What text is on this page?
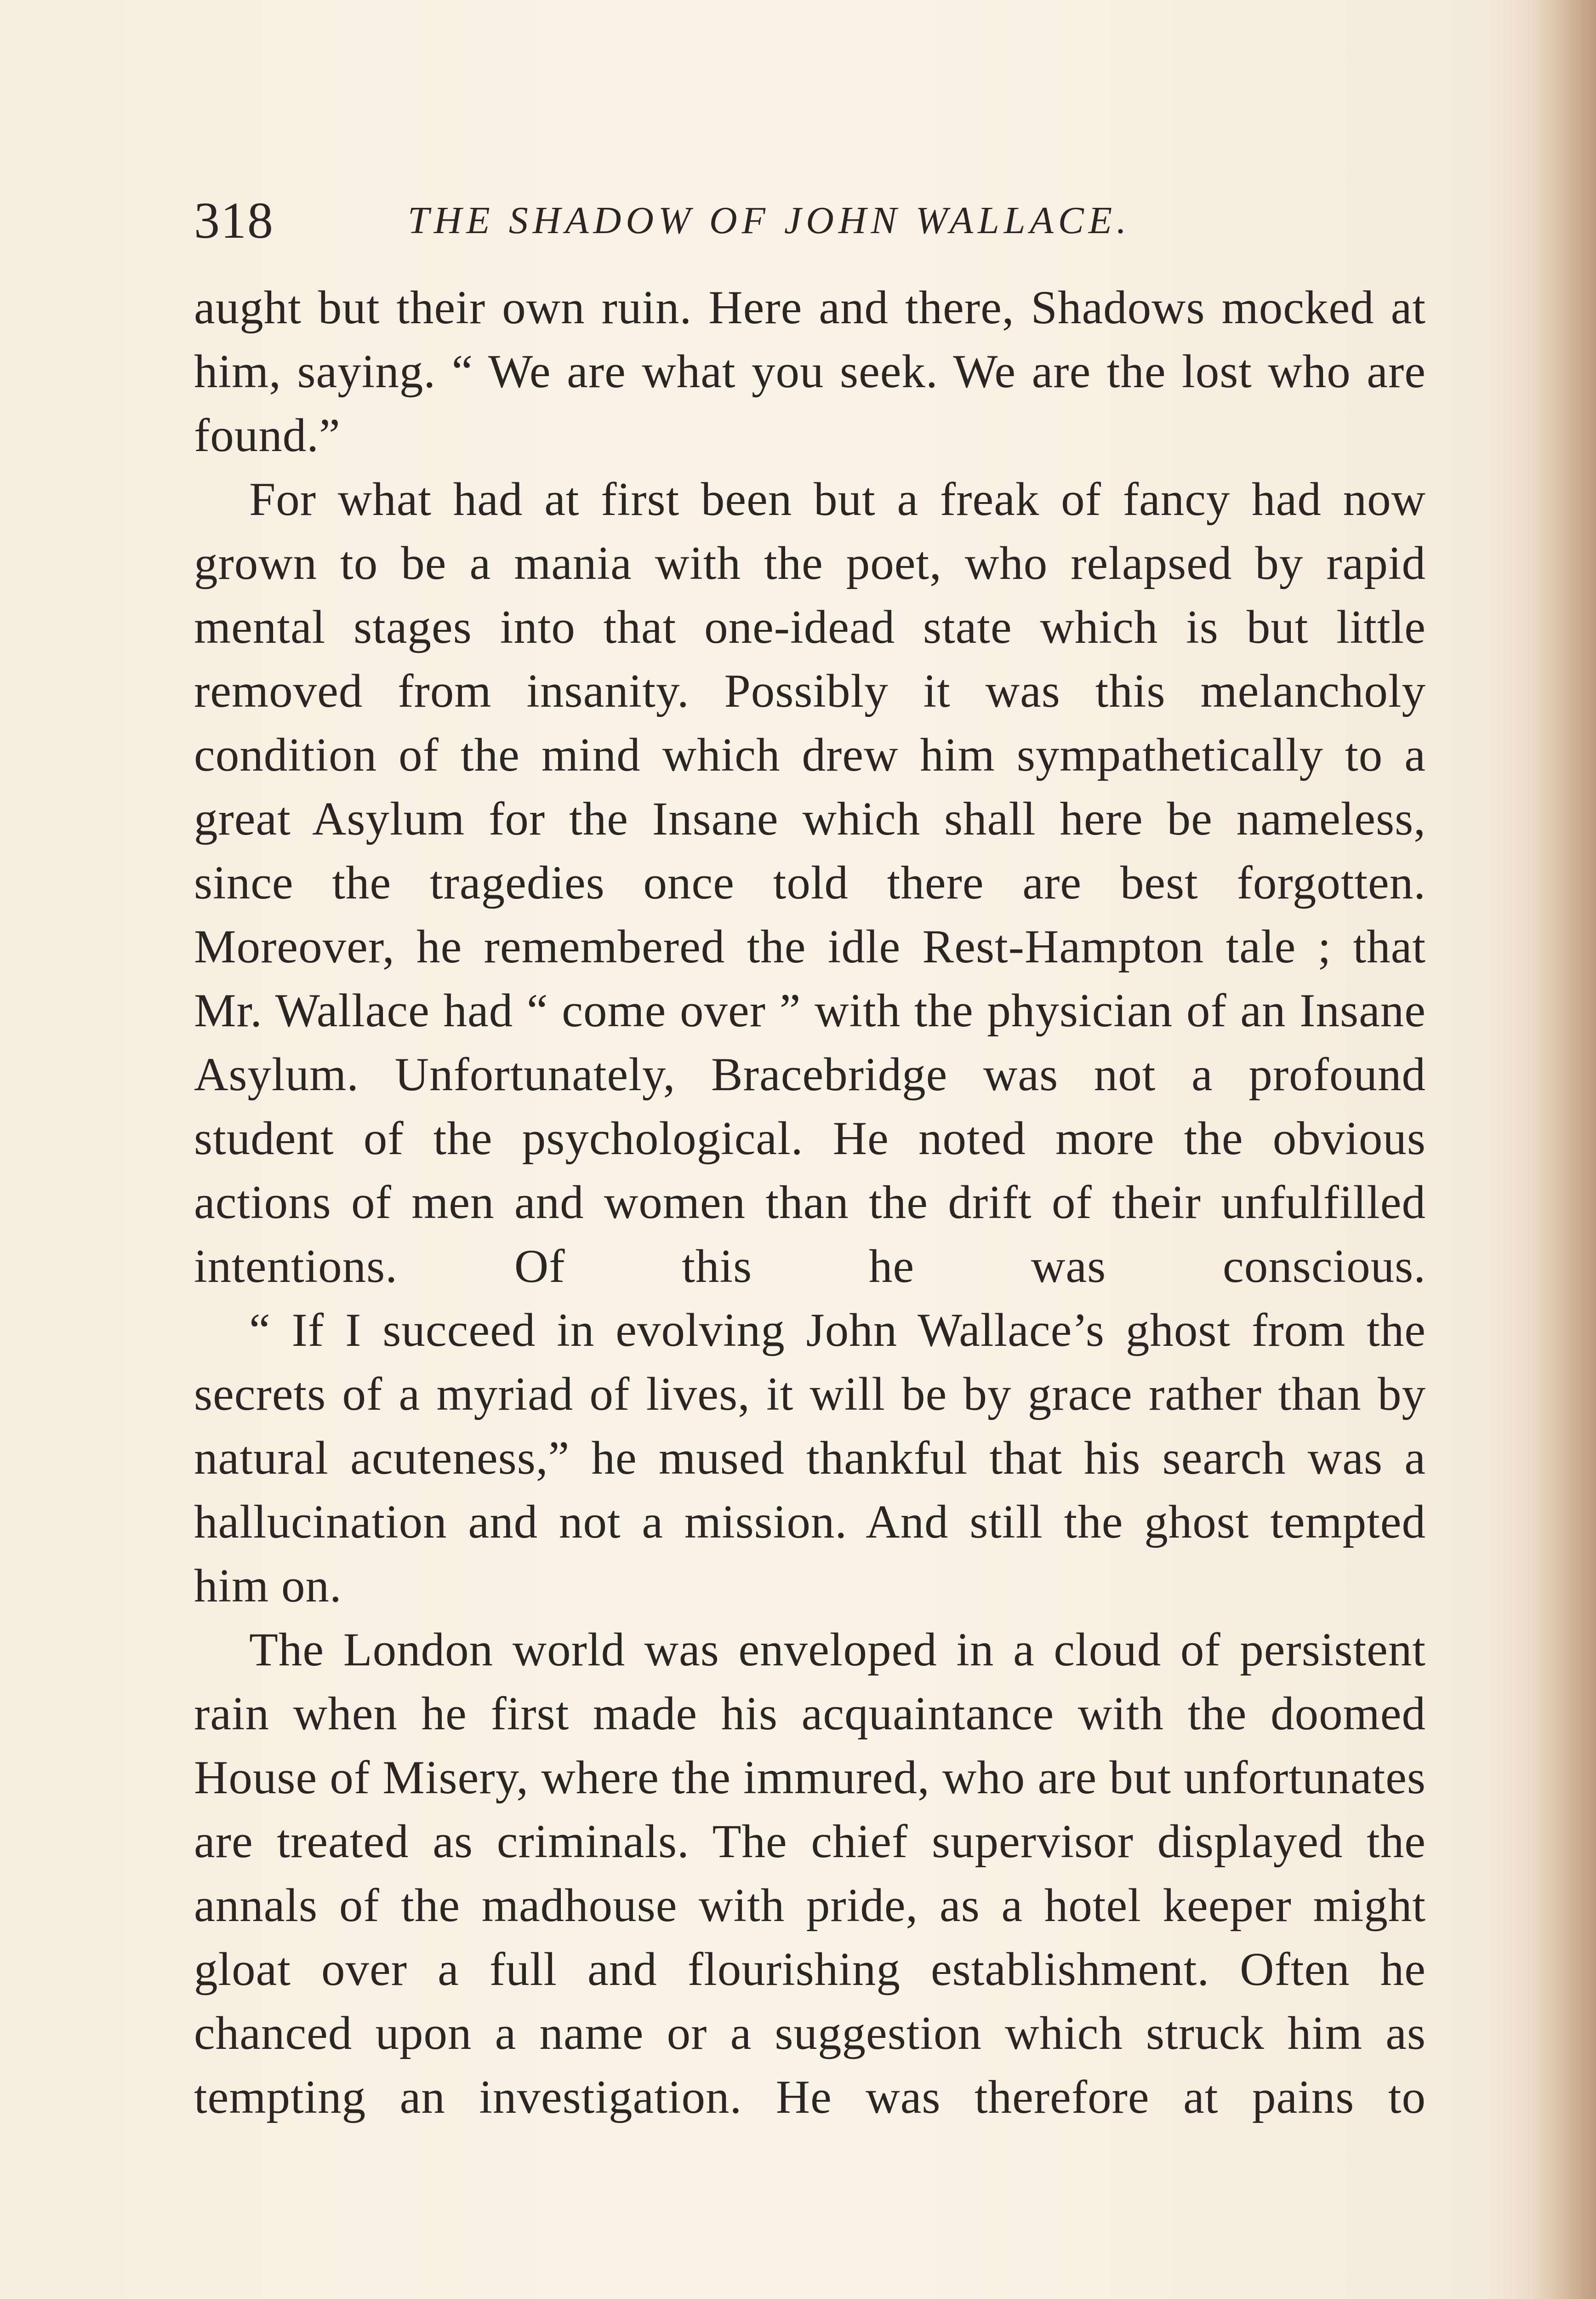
318	THE SHADOW OF JOHN WALLACE.

aught but their own ruin. Here and there, Shadows mocked at him, saying. “ We are what you seek. We are the lost who are found.”

For what had at first been but a freak of fancy had now grown to be a mania with the poet, who relapsed by rapid mental stages into that one-idead state which is but little removed from insanity. Possibly it was this melancholy condition of the mind which drew him sympathetically to a great Asylum for the Insane which shall here be nameless, since the tragedies once told there are best forgotten. Moreover, he remembered the idle Rest-Hampton tale ; that Mr. Wallace had “ come over ” with the physician of an Insane Asylum. Unfortunately, Bracebridge was not a profound student of the psychological. He noted more the obvious actions of men and women than the drift of their unfulfilled intentions. Of this he was conscious.

“ If I succeed in evolving John Wallace’s ghost from the secrets of a myriad of lives, it will be by grace rather than by natural acuteness,” he mused thankful that his search was a hallucination and not a mission. And still the ghost tempted him on.

The London world was enveloped in a cloud of persistent rain when he first made his acquaintance with the doomed House of Misery, where the immured, who are but unfortunates are treated as criminals. The chief supervisor displayed the annals of the madhouse with pride, as a hotel keeper might gloat over a full and flourishing establishment. Often he chanced upon a name or a suggestion which struck him as tempting an investigation. He was therefore at pains to
